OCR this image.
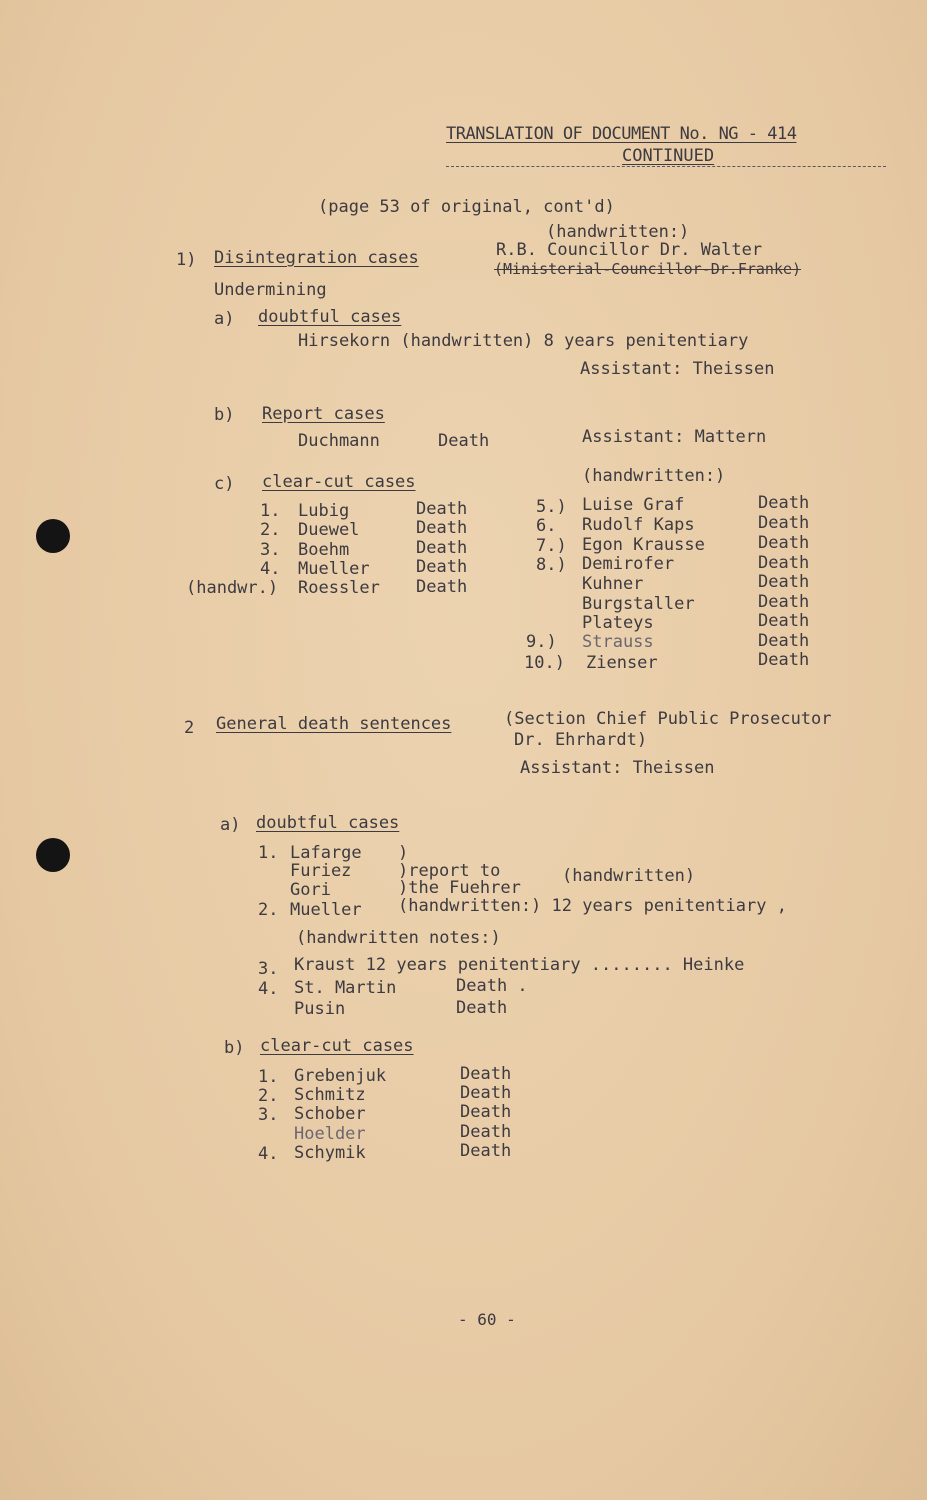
TRANSLATION OF DOCUMENT No. NG - 414
CONTINUED
(page 53 of original, cont'd)
(handwritten:)
1) Disintegration cases	R.B. Councillor Dr. Walter
(Ministerial-Councillor-Dr.Franke)
Undermining
a) doubtful cases
Hirsekorn (handwritten) 8 years penitentiary
Assistant: Theissen
b) Report cases
Duchmann	Death	Assistant: Mattern
c) clear-cut cases	(handwritten:)
1. Lubig	Death
2. Duewel	Death
3. Boehm	Death
4. Mueller	Death
(handwr.) Roessler Death
5.) Luise Graf	Death
6. Rudolf Kaps	Death
7.) Egon Krausse	Death
8.) Demirofer	Death
Kuhner	Death
Burgstaller	Death
Plateys	Death
9.) Strauss	Death
10.) Zienser	Death
2 General death sentences	(Section Chief Public Prosecutor
Dr. Ehrhardt)
Assistant: Theissen
a) doubtful cases
1. Lafarge )
Furiez	)report to
Gori	)the Fuehrer
(handwritten)
2. Mueller (handwritten:) 12 years penitentiary ,
(handwritten notes:)
3. Kraust 12 years penitentiary ........ Heinke
4. St. Martin	Death .
Pusin	Death
b) clear-cut cases
1. Grebenjuk	Death
2. Schmitz	Death
3. Schober	Death
Hoelder	Death
4. Schymik	Death
- 60 -
